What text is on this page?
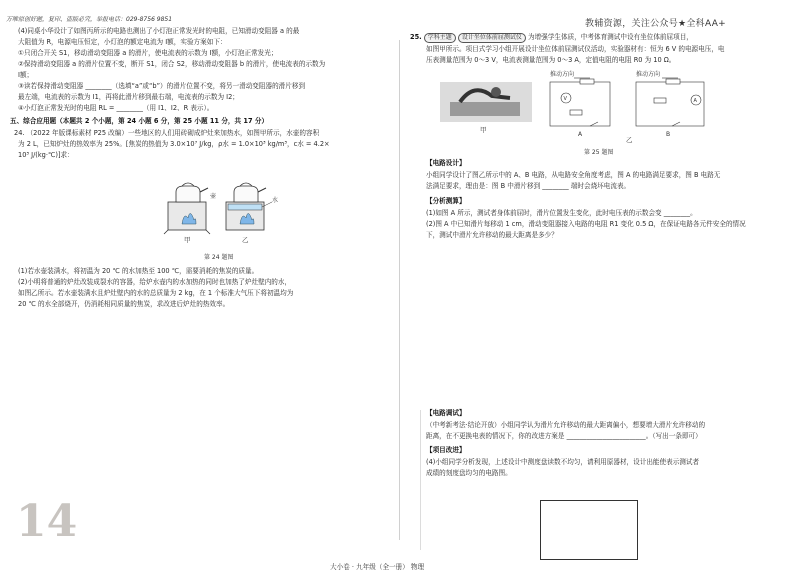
万唯原创好题，复印、盗版必究，举报电话：029-8756 9851	教辅资源，关注公众号★全科AA+
(4)同桌小华设计了如图丙所示的电路也测出了小灯泡正常发光时的电阻，已知滑动变阻器 a 的最
大阻值为 R，电源电压恒定，小灯泡的额定电流为 I额，实验方案如下：
①只闭合开关 S1，移动滑动变阻器 a 的滑片，使电流表的示数为 I额，小灯泡正常发光；
②保持滑动变阻器 a 的滑片位置不变，断开 S1，闭合 S2，移动滑动变阻器 b 的滑片，使电流表的示数为
I额；
③读若保持滑动变阻器 ________（选填“a”或“b”）的滑片位置不变，将另一滑动变阻器的滑片移到
最左端，电流表的示数为 I1，再将此滑片移到最右端，电流表的示数为 I2；
④小灯泡正常发光时的电阻 RL = ________（用 I1、I2、R 表示）。
五、综合应用题（本题共 2 个小题，第 24 小题 6 分，第 25 小题 11 分，共 17 分）
24. （2022 年版课标素材 P25 改编）一些地区的人们用砖砌成炉灶来加热水，如图甲所示，水壶的容积
为 2 L，已知炉灶的热效率为 25%。[焦炭的热值为 3.0×10⁷ J/kg，ρ水 = 1.0×10³ kg/m³，c水 = 4.2×
10³ J/(kg·℃)]求：
壶
水
甲	乙
第 24 题图
(1)若水壶装满水，将初温为 20 ℃ 的水加热至 100 ℃，需要消耗的焦炭的质量。
(2)小明将普通的炉灶改装成裂水的容器，给炉水壶内的水加热的同时也加热了炉灶壁内的水，
如图乙所示。若水壶装满水且炉灶壁内的水的总质量为 2 kg，在 1 个标准大气压下将初温均为
20 ℃ 的水全部烧开，仍消耗相同质量的焦炭，求改进后炉灶的热效率。
14
25. 学科主题 设计坐位体前屈测试仪 为增强学生体质，中考体育测试中设有坐位体前屈项目，
如图甲所示。项目式学习小组开展设计坐位体前屈测试仪活动，实验器材有：恒为 6 V 的电源电压，电
压表测量范围为 0～3 V，电流表测量范围为 0～3 A，定值电阻的电阻 R0 为 10 Ω。
甲
推动方向
V
A
推动方向
A
B
乙
第 25 题图
【电路设计】
小组同学设计了图乙所示中的 A、B 电路，从电路安全角度考虑，图 A 的电路满足要求，图 B 电路无
法满足要求，理由是：图 B 中滑片移到 ________ 端时会烧坏电流表。
【分析测算】
(1)如图 A 所示，测试者身体前屈时，滑片位置发生变化，此时电压表的示数会变 ________。
(2)图 A 中已知滑片每移动 1 cm，滑动变阻器接入电路的电阻 R1 变化 0.5 Ω，在保证电路各元件安全的情况
下，测试中滑片允许移动的最大距离是多少？
【电路调试】
（中考新考法·结论开放）小组同学认为滑片允许移动的最大距离偏小，想要增大滑片允许移动的
距离，在不更换电表的情况下，你的改进方案是 ________________________。（写出一条即可）
【项目改进】
(4)小组同学分析发现，上述设计中测度盘读数不均匀，请利用原器材，设计出能使表示测试者
成绩的刻度盘均匀的电路图。
大小卷 · 九年级（全一册） 物理
